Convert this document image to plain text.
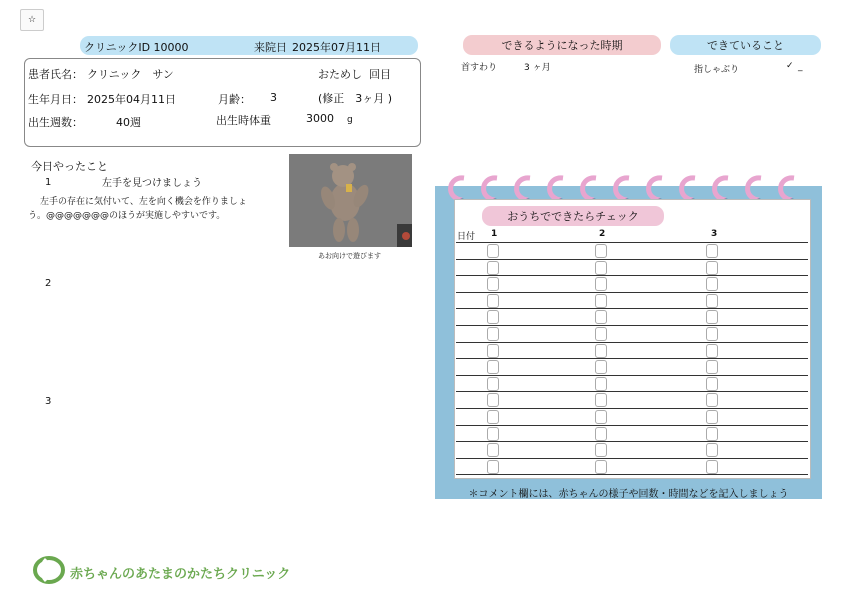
☆
クリニックID 10000	来院日 2025年07月11日
患者氏名： クリニック　サン	おためし 回目
生年月日： 2025年04月11日	月齢： 3	(修正　3ヶ月 )
出生週数：	40週	出生時体重	3000 g
できるようになった時期	できていること
首すわり	3 ヶ月	指しゃぶり	✓ _
今日やったこと
1	左手を見つけましょう
左手の存在に気付いて、左を向く機会を作りましょ
う。@@@@@@@のほうが実施しやすいです。
2
3
あお向けで遊びます
おうちでできたらチェック
日付 1	2	3
＊コメント欄には、赤ちゃんの様子や回数・時間などを記入しましょう
赤ちゃんのあたまのかたちクリニック
